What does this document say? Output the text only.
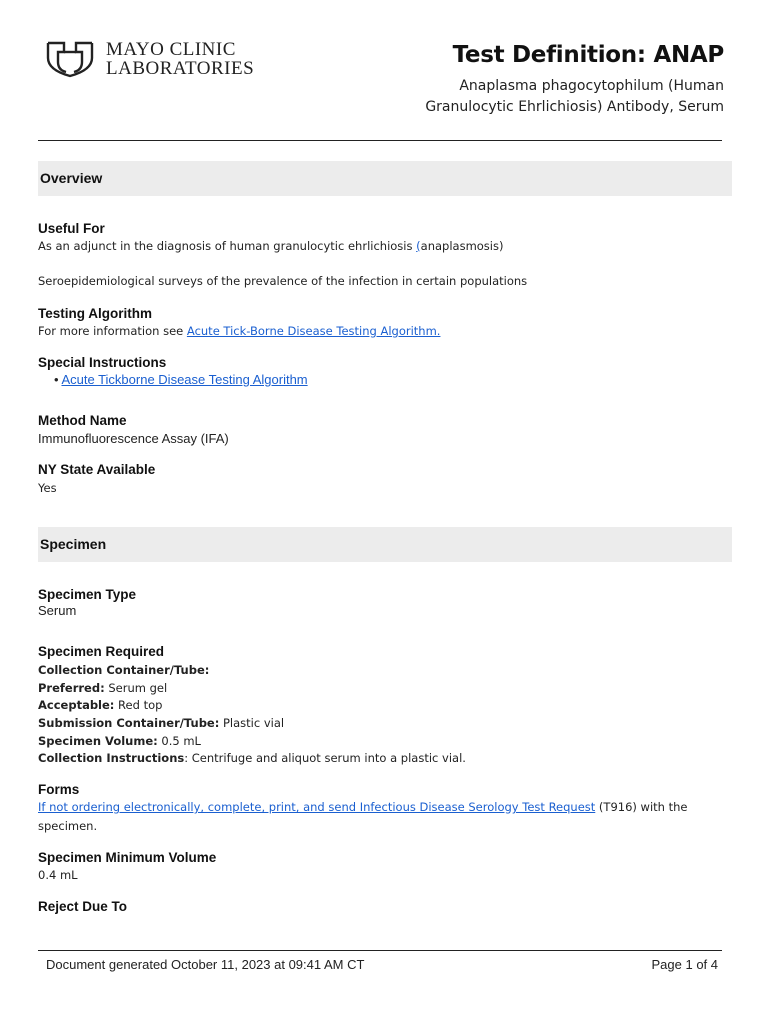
MAYO CLINIC
LABORATORIES
Test Definition: ANAP
Anaplasma phagocytophilum (Human
Granulocytic Ehrlichiosis) Antibody, Serum
Overview
Useful For
As an adjunct in the diagnosis of human granulocytic ehrlichiosis (anaplasmosis)
Seroepidemiological surveys of the prevalence of the infection in certain populations
Testing Algorithm
For more information see Acute Tick-Borne Disease Testing Algorithm.
Special Instructions
• Acute Tickborne Disease Testing Algorithm
Method Name
Immunofluorescence Assay (IFA)
NY State Available
Yes
Specimen
Specimen Type
Serum
Specimen Required
Collection Container/Tube:
Preferred: Serum gel
Acceptable: Red top
Submission Container/Tube: Plastic vial
Specimen Volume: 0.5 mL
Collection Instructions: Centrifuge and aliquot serum into a plastic vial.
Forms
If not ordering electronically, complete, print, and send Infectious Disease Serology Test Request (T916) with the
specimen.
Specimen Minimum Volume
0.4 mL
Reject Due To
Document generated October 11, 2023 at 09:41 AM CT	Page 1 of 4
